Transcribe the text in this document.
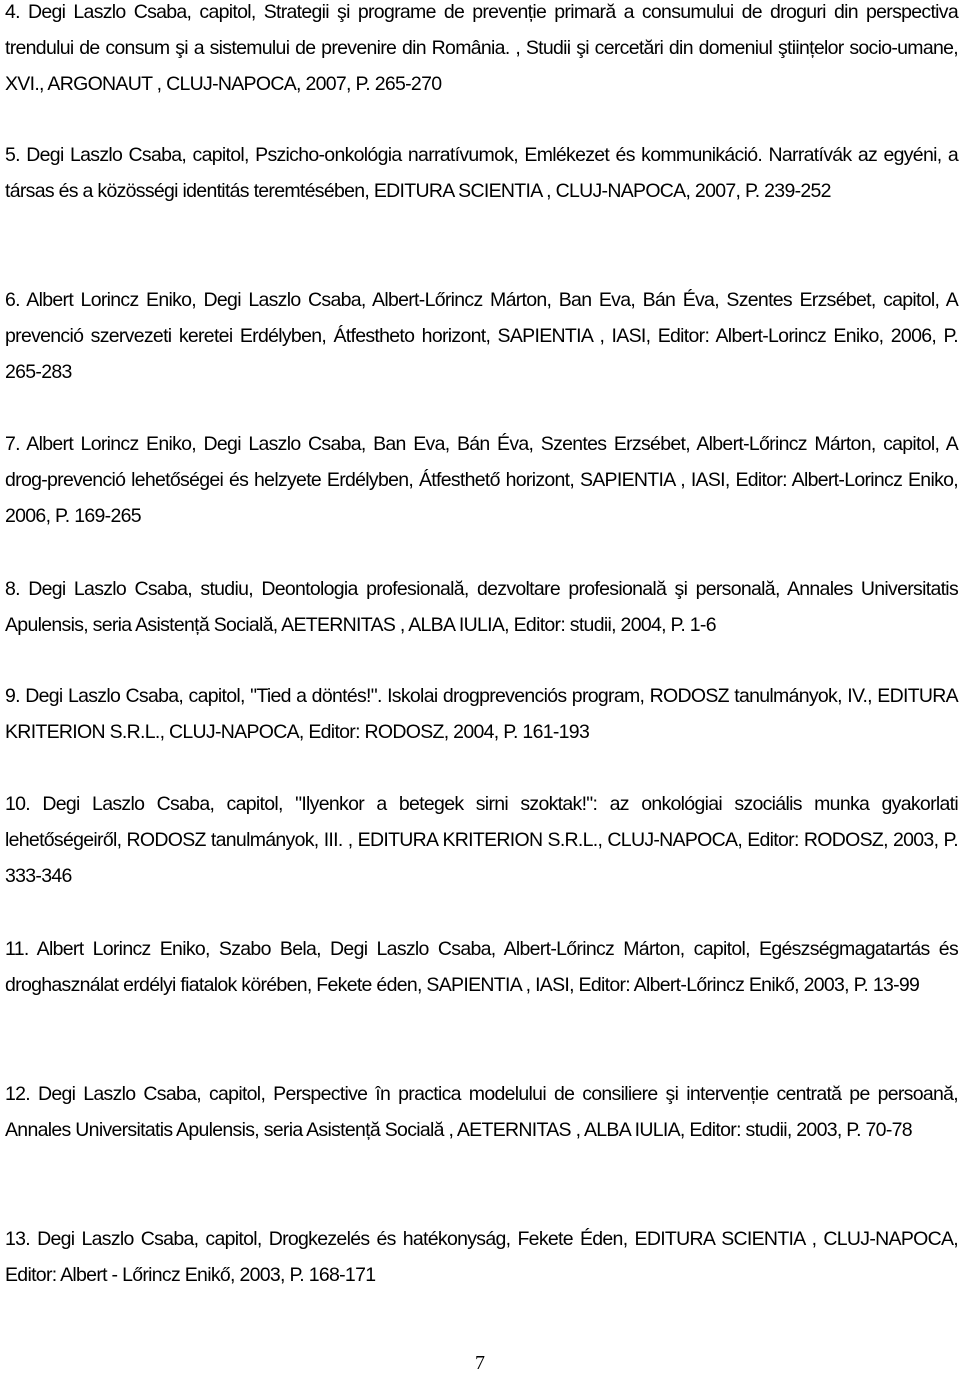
4. Degi Laszlo Csaba, capitol, Strategii şi programe de prevenție primară a consumului de droguri din perspectiva trendului de consum şi a sistemului de prevenire din România. , Studii şi cercetări din domeniul ştiințelor socio-umane, XVI., ARGONAUT , CLUJ-NAPOCA, 2007, P. 265-270

5. Degi Laszlo Csaba, capitol, Pszicho-onkológia narratívumok, Emlékezet és kommunikáció. Narratívák az egyéni, a társas és a közösségi identitás teremtésében, EDITURA SCIENTIA , CLUJ-NAPOCA, 2007, P. 239-252

6. Albert Lorincz Eniko, Degi Laszlo Csaba, Albert-Lőrincz Márton, Ban Eva, Bán Éva, Szentes Erzsébet, capitol, A prevenció szervezeti keretei Erdélyben, Átfestheto horizont, SAPIENTIA , IASI, Editor: Albert-Lorincz Eniko, 2006, P. 265-283

7. Albert Lorincz Eniko, Degi Laszlo Csaba, Ban Eva, Bán Éva, Szentes Erzsébet, Albert-Lőrincz Márton, capitol, A drog-prevenció lehetőségei és helzyete Erdélyben, Átfesthető horizont, SAPIENTIA , IASI, Editor: Albert-Lorincz Eniko, 2006, P. 169-265

8. Degi Laszlo Csaba, studiu, Deontologia profesională, dezvoltare profesională şi personală, Annales Universitatis Apulensis, seria Asistență Socială, AETERNITAS , ALBA IULIA, Editor: studii, 2004, P. 1-6

9. Degi Laszlo Csaba, capitol, "Tied a döntés!". Iskolai drogprevenciós program, RODOSZ tanulmányok, IV., EDITURA KRITERION S.R.L., CLUJ-NAPOCA, Editor: RODOSZ, 2004, P. 161-193

10. Degi Laszlo Csaba, capitol, "Ilyenkor a betegek sirni szoktak!": az onkológiai szociális munka gyakorlati lehetőségeiről, RODOSZ tanulmányok, III. , EDITURA KRITERION S.R.L., CLUJ-NAPOCA, Editor: RODOSZ, 2003, P. 333-346

11. Albert Lorincz Eniko, Szabo Bela, Degi Laszlo Csaba, Albert-Lőrincz Márton, capitol, Egészségmagatartás és droghasználat erdélyi fiatalok körében, Fekete éden, SAPIENTIA , IASI, Editor: Albert-Lőrincz Enikő, 2003, P. 13-99

12. Degi Laszlo Csaba, capitol, Perspective în practica modelului de consiliere şi intervenție centrată pe persoană, Annales Universitatis Apulensis, seria Asistență Socială , AETERNITAS , ALBA IULIA, Editor: studii, 2003, P. 70-78

13. Degi Laszlo Csaba, capitol, Drogkezelés és hatékonyság, Fekete Éden, EDITURA SCIENTIA , CLUJ-NAPOCA, Editor: Albert - Lőrincz Enikő, 2003, P. 168-171

7
